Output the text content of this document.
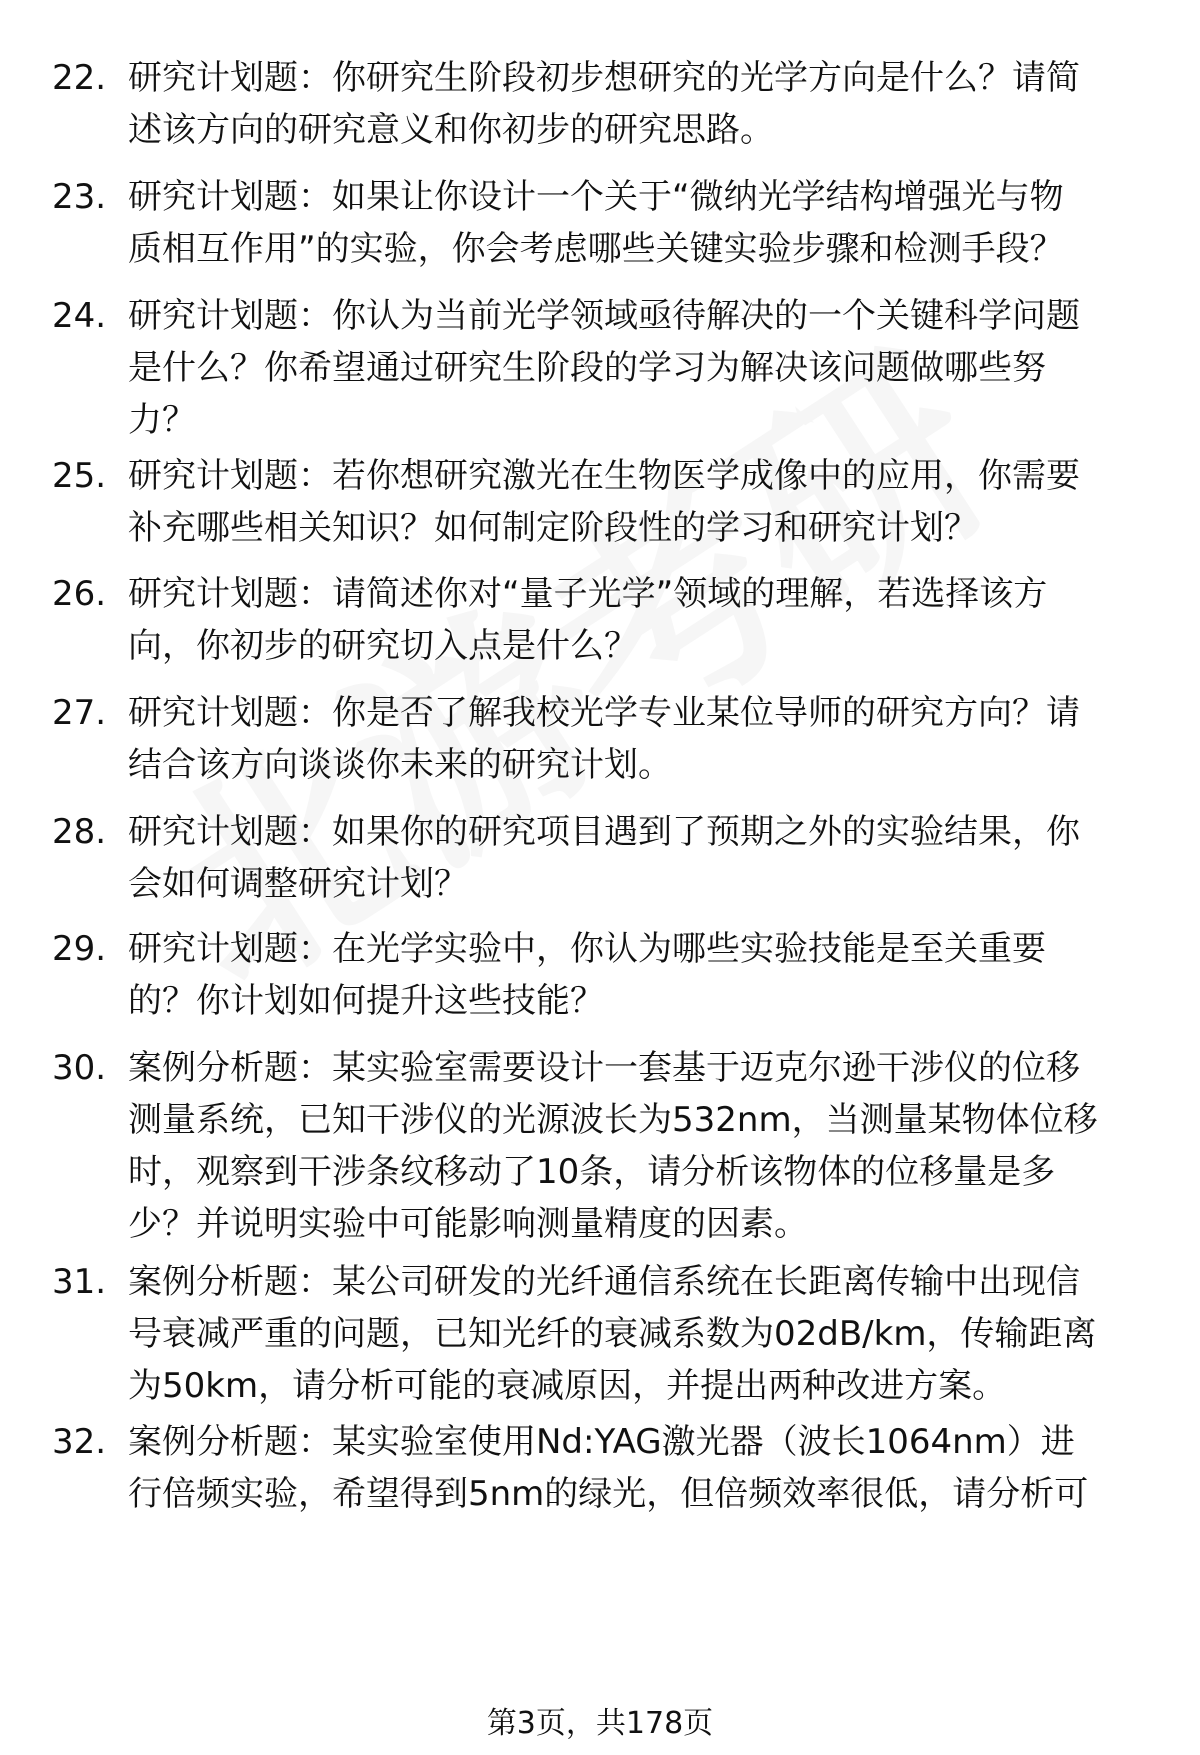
22. 研究计划题：你研究生阶段初步想研究的光学方向是什么？请简
述该方向的研究意义和你初步的研究思路。
23. 研究计划题：如果让你设计一个关于“微纳光学结构增强光与物
质相互作用”的实验，你会考虑哪些关键实验步骤和检测手段？
24. 研究计划题：你认为当前光学领域亟待解决的一个关键科学问题
是什么？你希望通过研究生阶段的学习为解决该问题做哪些努
力？
25. 研究计划题：若你想研究激光在生物医学成像中的应用，你需要
补充哪些相关知识？如何制定阶段性的学习和研究计划？
26. 研究计划题：请简述你对“量子光学”领域的理解，若选择该方
向，你初步的研究切入点是什么？
27. 研究计划题：你是否了解我校光学专业某位导师的研究方向？请
结合该方向谈谈你未来的研究计划。
28. 研究计划题：如果你的研究项目遇到了预期之外的实验结果，你
会如何调整研究计划？
29. 研究计划题：在光学实验中，你认为哪些实验技能是至关重要
的？你计划如何提升这些技能？
30. 案例分析题：某实验室需要设计一套基于迈克尔逊干涉仪的位移
测量系统，已知干涉仪的光源波长为532nm，当测量某物体位移
时，观察到干涉条纹移动了10条，请分析该物体的位移量是多
少？并说明实验中可能影响测量精度的因素。
31. 案例分析题：某公司研发的光纤通信系统在长距离传输中出现信
号衰减严重的问题，已知光纤的衰减系数为02dB/km，传输距离
为50km，请分析可能的衰减原因，并提出两种改进方案。
32. 案例分析题：某实验室使用Nd:YAG激光器（波长1064nm）进
行倍频实验，希望得到5nm的绿光，但倍频效率很低，请分析可
第3页，共178页
